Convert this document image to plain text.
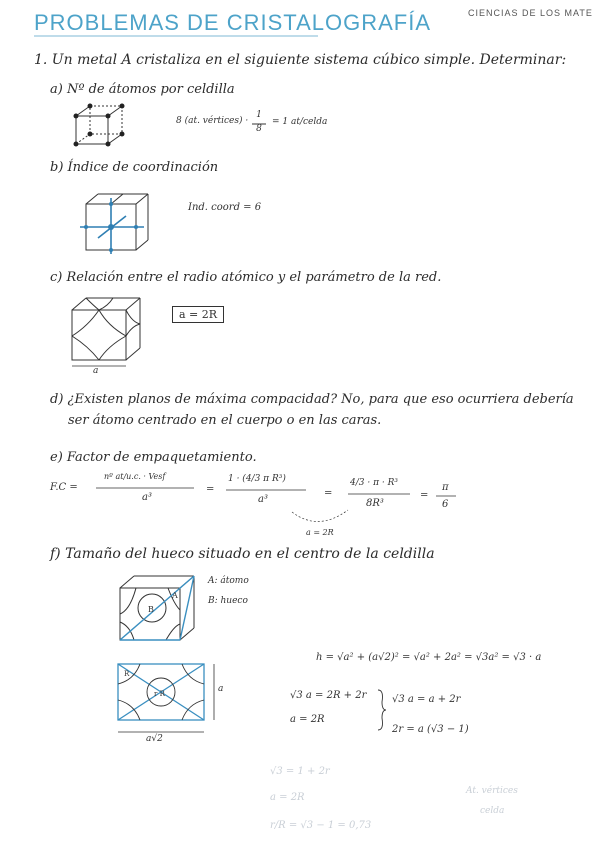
PROBLEMAS DE CRISTALOGRAFÍA	CIENCIAS DE LOS MATE
1. Un metal A cristaliza en el siguiente sistema cúbico simple. Determinar:
a) Nº de átomos por celdilla
8 (at. vértices) ·
1
8
= 1 at/celda
b) Índice de coordinación
Ind. coord = 6
c) Relación entre el radio atómico y el parámetro de la red.
a
a = 2R
d) ¿Existen planos de máxima compacidad? No, para que eso ocurriera debería
ser átomo centrado en el cuerpo o en las caras.
e) Factor de empaquetamiento.
F.C =
nº at/u.c. · Vesf
a³
=
1 · (4/3 π R³)
a³
=
4/3 · π · R³
8R³
=
π
6
a = 2R
f) Tamaño del hueco situado en el centro de la celdilla
B
A
A: átomo
B: hueco
r R
R
a
a√2
h = √a² + (a√2)² = √a² + 2a² = √3a² = √3 · a
√3 a = 2R + 2r
a = 2R
√3 a = a + 2r
2r = a (√3 − 1)
√3 = 1 + 2r
a = 2R
r/R = √3 − 1 = 0,73
At. vértices
celda
